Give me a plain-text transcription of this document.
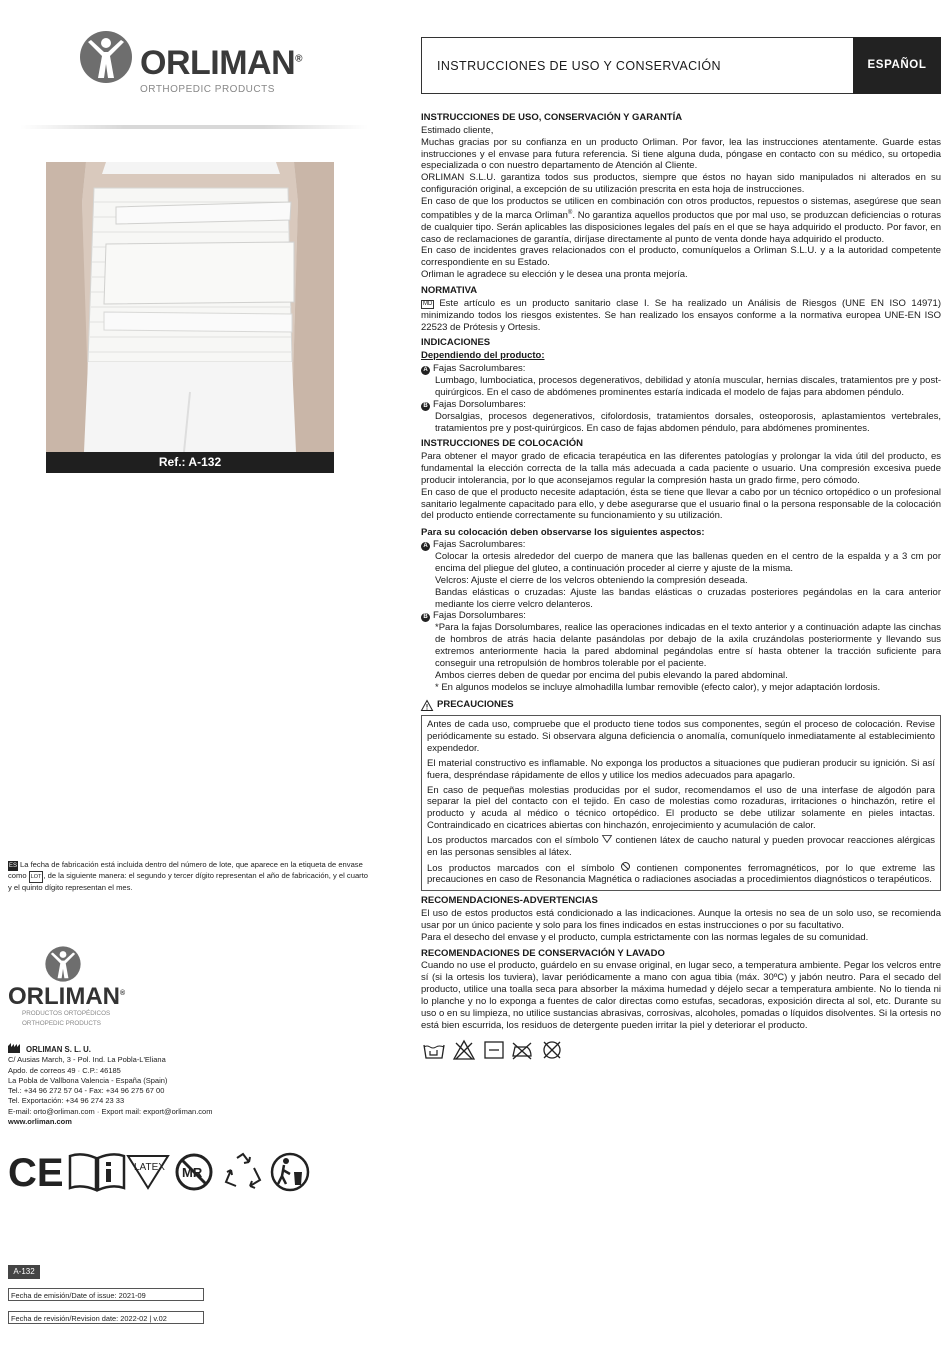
ORLIMAN®
ORTHOPEDIC PRODUCTS
Ref.: A-132
ES La fecha de fabricación está incluida dentro del número de lote, que aparece en la etiqueta de envase como LOT , de la siguiente manera: el segundo y tercer dígito representan el año de fabricación, y el cuarto y el quinto dígito representan el mes.
ORLIMAN®
PRODUCTOS ORTOPÉDICOS
ORTHOPEDIC PRODUCTS
ORLIMAN S. L. U.
C/ Ausias March, 3 - Pol. Ind. La Pobla-L'Eliana
Apdo. de correos 49 · C.P.: 46185
La Pobla de Vallbona Valencia - España (Spain)
Tel.: +34 96 272 57 04 - Fax: +34 96 275 67 00
Tel. Exportación: +34 96 274 23 33
E-mail: orto@orliman.com · Export mail: export@orliman.com
www.orliman.com
CE	LATEX MR
A-132
Fecha de emisión/Date of issue: 2021-09
Fecha de revisión/Revision date: 2022-02 | v.02
INSTRUCCIONES DE USO Y CONSERVACIÓN	ESPAÑOL
INSTRUCCIONES DE USO, CONSERVACIÓN Y GARANTÍA

Estimado cliente,

Muchas gracias por su confianza en un producto Orliman. Por favor, lea las instrucciones atentamente. Guarde estas instrucciones y el envase para futura referencia. Si tiene alguna duda, póngase en contacto con su médico, su ortopedia especializada o con nuestro departamento de Atención al Cliente.

ORLIMAN S.L.U. garantiza todos sus productos, siempre que éstos no hayan sido manipulados ni alterados en su configuración original, a excepción de su utilización prescrita en esta hoja de instrucciones.

En caso de que los productos se utilicen en combinación con otros productos, repuestos o sistemas, asegúrese que sean compatibles y de la marca Orliman®. No garantiza aquellos productos que por mal uso, se produzcan deficiencias o roturas de cualquier tipo. Serán aplicables las disposiciones legales del país en el que se haya adquirido el producto. Por favor, en caso de reclamaciones de garantía, diríjase directamente al punto de venta donde haya adquirido el producto.

En caso de incidentes graves relacionados con el producto, comuníquelos a Orliman S.L.U. y a la autoridad competente correspondiente en su Estado.

Orliman le agradece su elección y le desea una pronta mejoría.

NORMATIVA

MD Este artículo es un producto sanitario clase I. Se ha realizado un Análisis de Riesgos (UNE EN ISO 14971) minimizando todos los riesgos existentes. Se han realizado los ensayos conforme a la normativa europea UNE-EN ISO 22523 de Prótesis y Ortesis.

INDICACIONES

Dependiendo del producto:

A Fajas Sacrolumbares:

Lumbago, lumbociatica, procesos degenerativos, debilidad y atonía muscular, hernias discales, tratamientos pre y post-quirúrgicos. En el caso de abdómenes prominentes estaría indicada el modelo de fajas para abdomen péndulo.

B Fajas Dorsolumbares:

Dorsalgias, procesos degenerativos, cifolordosis, tratamientos dorsales, osteoporosis, aplastamientos vertebrales, tratamientos pre y post-quirúrgicos. En caso de fajas abdomen péndulo, para abdómenes prominentes.

INSTRUCCIONES DE COLOCACIÓN

Para obtener el mayor grado de eficacia terapéutica en las diferentes patologías y prolongar la vida útil del producto, es fundamental la elección correcta de la talla más adecuada a cada paciente o usuario. Una compresión excesiva puede producir intolerancia, por lo que aconsejamos regular la compresión hasta un grado firme, pero cómodo.

En caso de que el producto necesite adaptación, ésta se tiene que llevar a cabo por un técnico ortopédico o un profesional sanitario legalmente capacitado para ello, y debe asegurarse que el usuario final o la persona responsable de la colocación del producto entiende correctamente su funcionamiento y su utilización.

Para su colocación deben observarse los siguientes aspectos:

A Fajas Sacrolumbares:

Colocar la ortesis alrededor del cuerpo de manera que las ballenas queden en el centro de la espalda y a 3 cm por encima del pliegue del gluteo, a continuación proceder al cierre y ajuste de la misma.

Velcros: Ajuste el cierre de los velcros obteniendo la compresión deseada.

Bandas elásticas o cruzadas: Ajuste las bandas elásticas o cruzadas posteriores pegándolas en la cara anterior mediante los cierre velcro delanteros.

B Fajas Dorsolumbares:

*Para la fajas Dorsolumbares, realice las operaciones indicadas en el texto anterior y a continuación adapte las cinchas de hombros de atrás hacia delante pasándolas por debajo de la axila cruzándolas posteriormente y llevando sus extremos anteriormente hacia la pared abdominal pegándolas entre sí hasta obtener la tracción suficiente para conseguir una retropulsión de hombros tolerable por el paciente.

Ambos cierres deben de quedar por encima del pubis elevando la pared abdominal.

* En algunos modelos se incluye almohadilla lumbar removible (efecto calor), y mejor adaptación lordosis.

PRECAUCIONES

Antes de cada uso, compruebe que el producto tiene todos sus componentes, según el proceso de colocación. Revise periódicamente su estado. Si observara alguna deficiencia o anomalía, comuníquelo inmediatamente al establecimiento expendedor.

El material constructivo es inflamable. No exponga los productos a situaciones que pudieran producir su ignición. Si así fuera, despréndase rápidamente de ellos y utilice los medios adecuados para apagarlo.

En caso de pequeñas molestias producidas por el sudor, recomendamos el uso de una interfase de algodón para separar la piel del contacto con el tejido. En caso de molestias como rozaduras, irritaciones o hinchazón, retire el producto y acuda al médico o técnico ortopédico. El producto se debe utilizar solamente en pieles intactas. Contraindicado en cicatrices abiertas con hinchazón, enrojecimiento y acumulación de calor.

Los productos marcados con el símbolo contienen látex de caucho natural y pueden provocar reacciones alérgicas en las personas sensibles al látex.

Los productos marcados con el símbolo contienen componentes ferromagnéticos, por lo que extreme las precauciones en caso de Resonancia Magnética o radiaciones asociadas a procedimientos diagnósticos o terapéuticos.

RECOMENDACIONES-ADVERTENCIAS

El uso de estos productos está condicionado a las indicaciones. Aunque la ortesis no sea de un solo uso, se recomienda usar por un único paciente y solo para los fines indicados en estas instrucciones o por su facultativo.

Para el desecho del envase y el producto, cumpla estrictamente con las normas legales de su comunidad.

RECOMENDACIONES DE CONSERVACIÓN Y LAVADO

Cuando no use el producto, guárdelo en su envase original, en lugar seco, a temperatura ambiente. Pegar los velcros entre sí (si la ortesis los tuviera), lavar periódicamente a mano con agua tibia (máx. 30ºC) y jabón neutro. Para el secado del producto, utilice una toalla seca para absorber la máxima humedad y déjelo secar a temperatura ambiente. No lo tienda ni lo planche y no lo exponga a fuentes de calor directas como estufas, secadoras, exposición directa al sol, etc. Durante su uso o en su limpieza, no utilice sustancias abrasivas, corrosivas, alcoholes, pomadas o líquidos disolventes. Si la ortesis no está bien escurrida, los residuos de detergente pueden irritar la piel y deteriorar el producto.
